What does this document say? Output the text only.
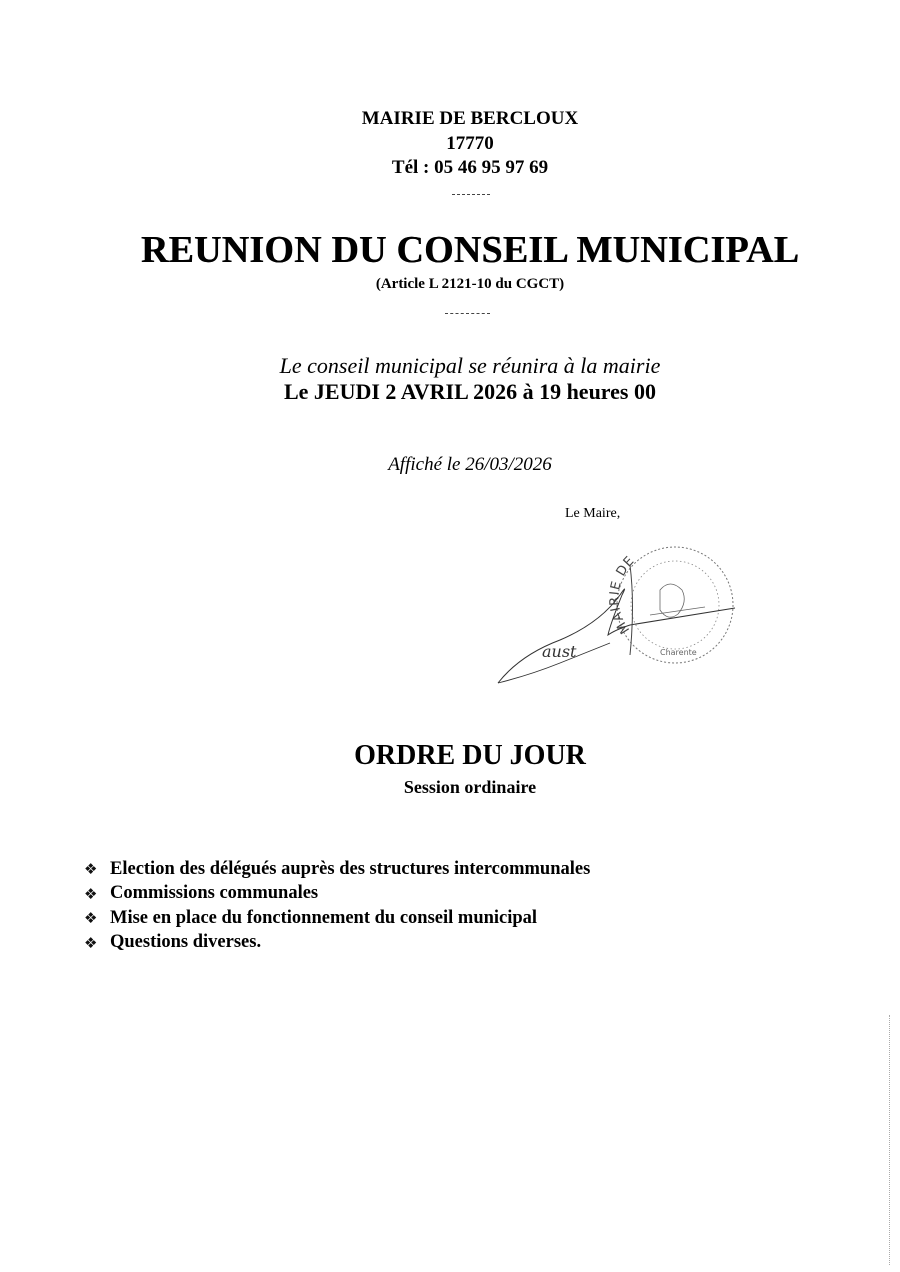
MAIRIE DE BERCLOUX
17770
Tél : 05 46 95 97 69
REUNION DU CONSEIL MUNICIPAL
(Article L 2121-10 du CGCT)
Le conseil municipal se réunira à la mairie
Le JEUDI 2 AVRIL 2026 à 19 heures 00
Affiché le 26/03/2026
Le Maire,
MAIRIE DE
Charente
aust
ORDRE DU JOUR
Session ordinaire
❖ Election des délégués auprès des structures intercommunales
❖ Commissions communales
❖ Mise en place du fonctionnement du conseil municipal
❖ Questions diverses.
